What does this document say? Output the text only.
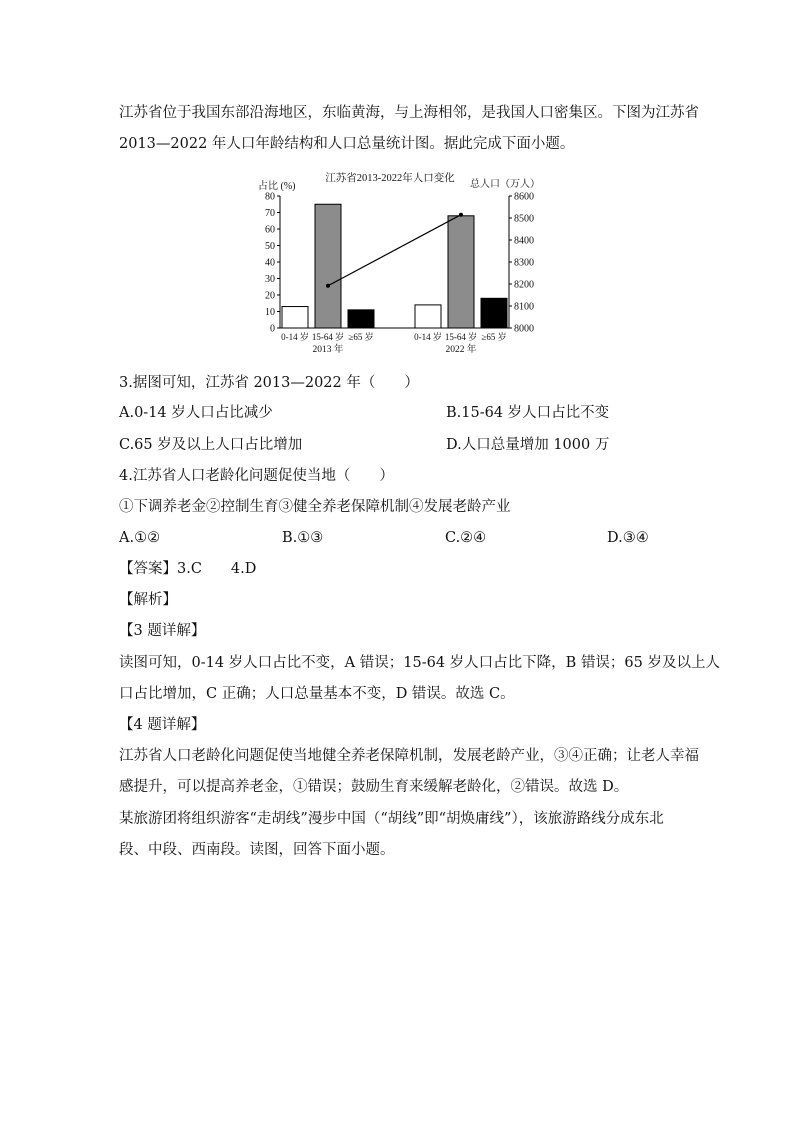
江苏省位于我国东部沿海地区，东临黄海，与上海相邻，是我国人口密集区。下图为江苏省
2013—2022 年人口年龄结构和人口总量统计图。据此完成下面小题。
江苏省2013-2022年人口变化
占比 (%)	总人口（万人）
0
10
20
30
40
50
60
70
80
8000
8100
8200
8300
8400
8500
8600
0-14 岁 15-64 岁 ≥65 岁
2013 年
0-14 岁 15-64 岁 ≥65 岁
2022 年
3.据图可知，江苏省 2013—2022 年（　　）
A.0-14 岁人口占比减少	B.15-64 岁人口占比不变
C.65 岁及以上人口占比增加	D.人口总量增加 1000 万
4.江苏省人口老龄化问题促使当地（　　）
①下调养老金②控制生育③健全养老保障机制④发展老龄产业
A.①②	B.①③	C.②④	D.③④
【答案】3.C　　4.D
【解析】
【3 题详解】
读图可知，0-14 岁人口占比不变，A 错误；15-64 岁人口占比下降，B 错误；65 岁及以上人
口占比增加，C 正确；人口总量基本不变，D 错误。故选 C。
【4 题详解】
江苏省人口老龄化问题促使当地健全养老保障机制，发展老龄产业，③④正确；让老人幸福
感提升，可以提高养老金，①错误；鼓励生育来缓解老龄化，②错误。故选 D。
某旅游团将组织游客“走胡线”漫步中国（“胡线”即“胡焕庸线”），该旅游路线分成东北
段、中段、西南段。读图，回答下面小题。
